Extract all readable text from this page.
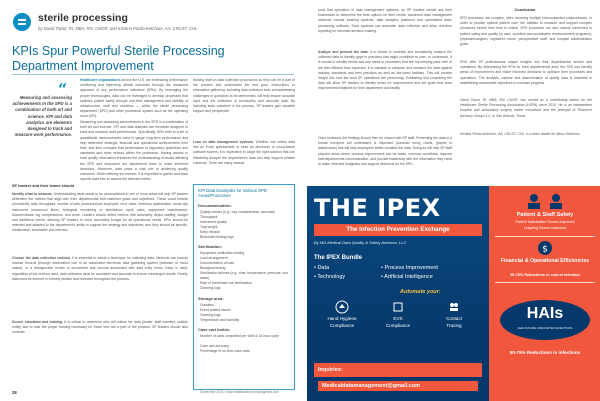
sterile processing
by David Taylor, RI, MBA, RN, CNOR, and Kristina Pirolla-Ketchum, AA, CRCST, CHL
KPIs Spur Powerful Sterile Processing Department Improvement
“
Measuring and assessing achievements in the SPD is a combination of both art and science. KPI and data analytics are elements designed to track and measure work performance.
Healthcare organizations across the U.S. are embracing performance monitoring and improving clinical outcomes through the measured approach of key performance indicators (KPIs). By leveraging the proper technologies, data can be leveraged to develop processes that optimize patient safety through real-time management and visibility of infrastructure, staff and workflow — within the sterile processing department (SPD) and other procedural spaces such as the operating room (OR).
Measuring and assessing achievements in the SPD is a combination of both art and science. KPI and data analytics are elements designed to track and measure work performance. Specifically, KPIs refer to a set of quantifiable measurements used to gauge long-term performance and help determine strategic, financial and operational achievements over time, and then compare that performance to regulatory guidelines and standards and other sectors within the profession. Having access to such quality information enhances the understanding of issues affecting the SPD and empowers the department team to make informed decisions. Moreover, data plays a vital role in achieving quality outcomes. When defining the metrics, it is important to gather and track specific data sets to assess the selected metric.
SP leaders and their teams should
Identify what to measure. Understanding what needs to be accomplished in one or more areas will help SP leaders determine the metrics that align with their departmental and customer goals and objectives. These could include productivity, daily throughput, number of sets processed per employee, error rates, inventory optimization, same-day instrument turnaround times, biological monitoring or sterilization cycle rates, equipment maintenance, documentation log completeness, and more. Leaders should select metrics that accurately depict staffing, budget and additional needs, allowing SP leaders to more accurately budget for all operational needs. KPIs should be selected and adapted to the department's ability to support the strategy and objectives, and they should be specific, measurable, achievable and relevant.
Choose the data collection method. It is essential to select a technique for collecting data. Methods can include manual records (through observation use of an automated electronic data gathering system (software or cloud based), or a retrospective review of documents and records associated with data entry forms. Keep in mind, regardless of the method used, data collection must be consistent and accurate to ensure meaningful results. Finally, data must be entered in a timely fashion and reviewed throughout the process.
Secure education and training. It is critical to determine who will collect the data (leader, staff member, outside entity) and to note the proper training necessary for those who are a part of the process. SP leaders should also consider
training staff on data collection procedures so they can be a part of the process and understand the end goal. Instructions or information gathering, including data collection tools and addressing challenges or questions to be determined, will help ensure accurate input and the collection of trustworthy and accurate data. By including team members in the process, SP leaders gain valuable support and perspective.
Lean on data management systems. Whether one enters data into an Excel spreadsheet or uses an electronic or cloud-based software system, it is imperative to adopt the right solution that can effectively analyze the department's data and help support reliable solutions. There are many manual
KPI Data Examples for Various SPD Areas/Processes
Decontamination:
Quality checks (e.g., bay completeness, accurate)
Throughput
Instrument quality
Tray weight
Early release
Bioburden testing logs
Sterilization:
Equipment verification testing
Load arrangement
Documentation of load
Biological testing
Sterilization failures (e.g., time, temperature, pressure, wet loads)
Rate of immediate use sterilization
Cleaning logs
Storage area:
Outdates
Event-related issues
Cleaning logs
Temperature and humidity
Case cart builds:
Number of carts completed per shift or 24-hour cycle
Case cart accuracy
Percentage of on-time case carts
tools that specialize in data management systems, so SP leaders should ask their businesses to determine the best options for their needs. Advanced data management solutions include tracking systems, data analytics platforms and specialized data-processing software. Such systems can automate data collection and allow real-time reporting for informed decision-making.
Analyze and present the data. It is critical to routinely and consistently analyze the collected data to identify gaps in practices that might contribute to over- or underwork. It is crucial to identify trends and any areas or processes that are not keeping pace with or are less efficient than expected. It is valuable to compare and measure the data against industry standards and best practices as well as like-sized facilities. This will provide insight into how the local SP operations are performing. Evaluating and comparing the data will allow SP leaders to identify areas for improvement and set goals that drive improvement initiatives for their department and facility.
Once reviewed, the findings should then be shared with SP staff. Presenting the data in a format everyone will understand is important (consider using charts, graphs or dashboards) that will help employees better visualize the data. Doing so will help SP staff pinpoint areas where process improvement can be made, common workflows, improve interdepartmental communication, and provide leadership with the information they need to make informed budgetary and support decisions for the SPD.
Conclusion
SPD processes are complex, often involving multiple interconnected subprocesses. In order to provide optimal patient care, the abilities to measure and support complex processes before their time is critical. SPD processes are also closely connected to patient safety and quality (in care, workflow and sustainable reimbursement programs), physician/surgeon, registered nurse, perioperative staff, and hospital administration goals.
KPIs offer SP professionals unique insights into their departmental service and operations. By determining the KPIs for each departmental area, the SPD can identify areas of improvement and make informed decisions to optimize their processes and operations. The analysis, capture and dissemination of quality data is essential in establishing measurable objectives to increase progress.
David Taylor, RI, MBA, RN, CNOR, has served as a contributing author for the Healthcare Sterile Processing Association (HSPA) since 2019. He is an independent hospital and ambulatory surgery center consultant and the principal of Resource Advisory Group LLC, in San Antonio, Texas.
Kristina Pirolla-Ketchum, AA, CRCST, CHL, is a team leader for Mesa Solutions.
28	September 2023 • www.healthcarepurchasingnews.com
THE IPEX
The Infection Prevention Exchange
By MD-Medical Data Quality & Safety Advisors, LLC
The IPEX Bundle
• Data
• Technology
• Process Improvement
• Artificial Intelligence
Automate your:
Hand Hygiene
Compliance
EVS
Compliance
Contact
Tracing
Inquiries:
Medicaldatamanagement@gmail.com
Patient & Staff Safety
Patient Satisfaction Scores Improved
Leapfrog Scores Improved
$
Financial & Operational Efficiencies
50-75% Reductions in cost of infection
HAIs
HEALTHCARE ASSOCIATED INFECTIONS
50-75% Reductions in infections
